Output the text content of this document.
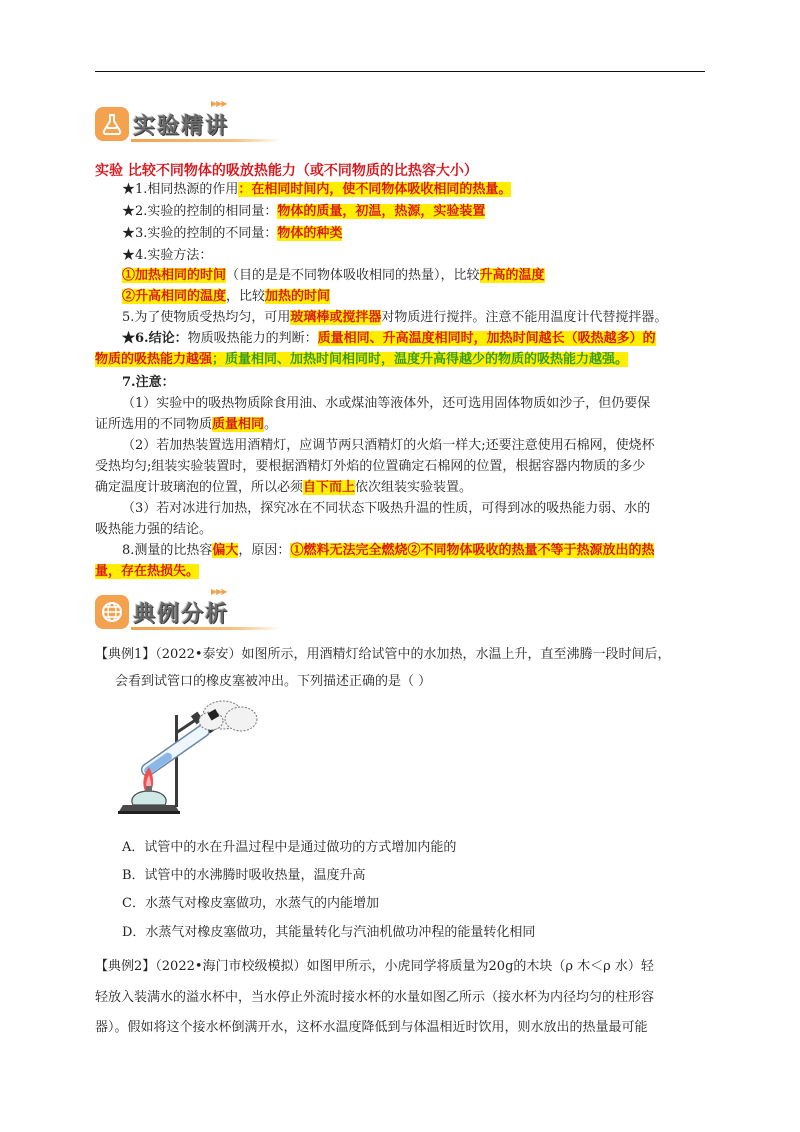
实验精讲
▶▶▶
实验 比较不同物体的吸放热能力（或不同物质的比热容大小）
★1.相同热源的作用：在相同时间内，使不同物体吸收相同的热量。
★2.实验的控制的相同量：物体的质量，初温，热源，实验装置
★3.实验的控制的不同量：物体的种类
★4.实验方法：
①加热相同的时间（目的是是不同物体吸收相同的热量），比较升高的温度
②升高相同的温度，比较加热的时间
5.为了使物质受热均匀，可用玻璃棒或搅拌器对物质进行搅拌。注意不能用温度计代替搅拌器。
★6.结论：物质吸热能力的判断：质量相同、升高温度相同时，加热时间越长（吸热越多）的
物质的吸热能力越强；质量相同、加热时间相同时，温度升高得越少的物质的吸热能力越强。
7.注意：
（1）实验中的吸热物质除食用油、水或煤油等液体外，还可选用固体物质如沙子，但仍要保
证所选用的不同物质质量相同。
（2）若加热装置选用酒精灯，应调节两只酒精灯的火焰一样大;还要注意使用石棉网，使烧杯
受热均匀;组装实验装置时，要根据酒精灯外焰的位置确定石棉网的位置，根据容器内物质的多少
确定温度计玻璃泡的位置，所以必须自下而上依次组装实验装置。
（3）若对冰进行加热，探究冰在不同状态下吸热升温的性质，可得到冰的吸热能力弱、水的
吸热能力强的结论。
8.测量的比热容偏大，原因：①燃料无法完全燃烧②不同物体吸收的热量不等于热源放出的热
量，存在热损失。
典例分析
▶▶▶
【典例1】（2022•泰安）如图所示，用酒精灯给试管中的水加热，水温上升，直至沸腾一段时间后，
会看到试管口的橡皮塞被冲出。下列描述正确的是（ ）
A．试管中的水在升温过程中是通过做功的方式增加内能的
B．试管中的水沸腾时吸收热量，温度升高
C．水蒸气对橡皮塞做功，水蒸气的内能增加
D．水蒸气对橡皮塞做功，其能量转化与汽油机做功冲程的能量转化相同
【典例2】（2022•海门市校级模拟）如图甲所示，小虎同学将质量为20g的木块（ρ 木＜ρ 水）轻
轻放入装满水的溢水杯中，当水停止外流时接水杯的水量如图乙所示（接水杯为内径均匀的柱形容
器）。假如将这个接水杯倒满开水，这杯水温度降低到与体温相近时饮用，则水放出的热量最可能
